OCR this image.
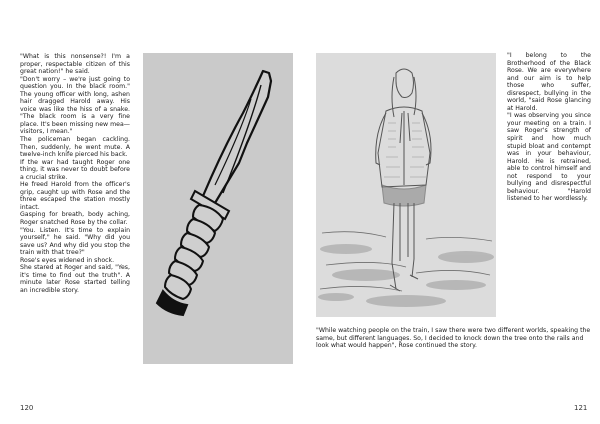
"What is this nonsense?! I'm a proper, respectable citizen of this great nation!" he said.

"Don't worry – we're just going to question you. In the black room." The young officer with long, ashen hair dragged Harold away. His voice was like the hiss of a snake. "The black room is a very fine place. It's been missing new mea—visitors, I mean."

The policeman began cackling. Then, suddenly, he went mute. A twelve-inch knife pierced his back.

If the war had taught Roger one thing, it was never to doubt before a crucial strike.

He freed Harold from the officer's grip, caught up with Rose and the three escaped the station mostly intact.

Gasping for breath, body aching, Roger snatched Rose by the collar.

"You. Listen. It's time to explain yourself," he said. "Why did you save us? And why did you stop the train with that tree?"

Rose's eyes widened in shock.

She stared at Roger and said, "Yes, it's time to find out the truth". A minute later Rose started telling an incredible story.

120

"I belong to the Brotherhood of the Black Rose. We are everywhere and our aim is to help those who suffer, disrespect, bullying in the world, "said Rose glancing at Harold.

"I was observing you since your meeting on a train. I saw Roger's strength of spirit and how much stupid bloat and contempt was in your behaviour, Harold. He is retrained, able to control himself and not respond to your bullying and disrespectful behaviour. "Harold listened to her wordlessly.

"While watching people on the train, I saw there were two different worlds, speaking the same, but different languages. So, I decided to knock down the tree onto the rails and look what would happen", Rose continued the story.
121
